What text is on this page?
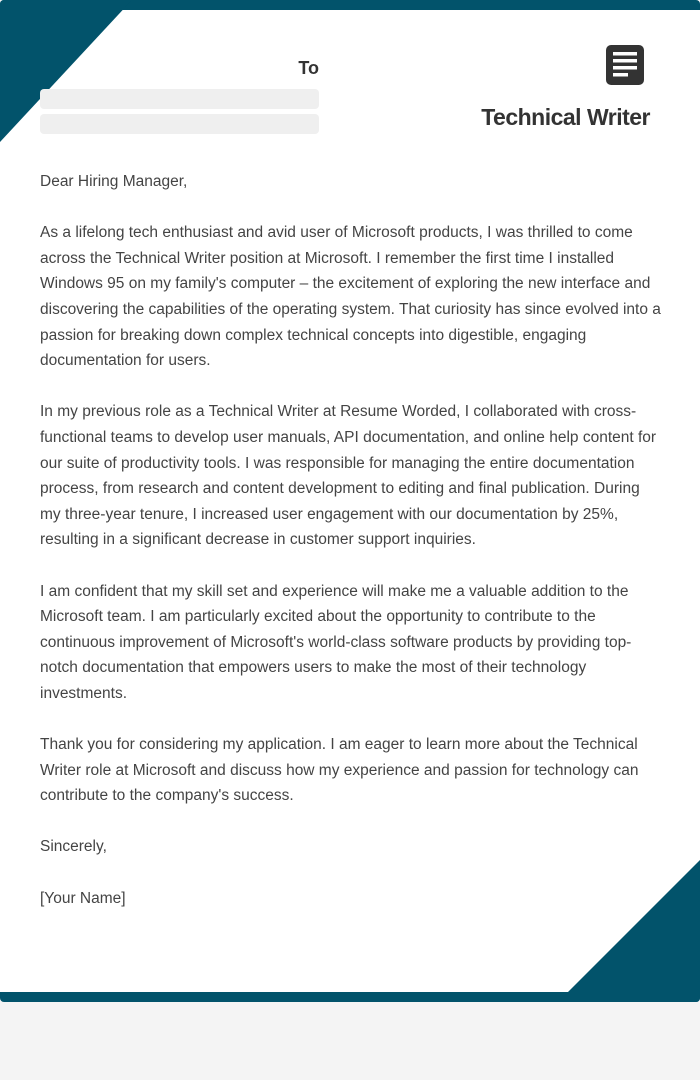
To
Technical Writer

Dear Hiring Manager,

As a lifelong tech enthusiast and avid user of Microsoft products, I was thrilled to come across the Technical Writer position at Microsoft. I remember the first time I installed Windows 95 on my family's computer – the excitement of exploring the new interface and discovering the capabilities of the operating system. That curiosity has since evolved into a passion for breaking down complex technical concepts into digestible, engaging documentation for users.

In my previous role as a Technical Writer at Resume Worded, I collaborated with cross-functional teams to develop user manuals, API documentation, and online help content for our suite of productivity tools. I was responsible for managing the entire documentation process, from research and content development to editing and final publication. During my three-year tenure, I increased user engagement with our documentation by 25%, resulting in a significant decrease in customer support inquiries.

I am confident that my skill set and experience will make me a valuable addition to the Microsoft team. I am particularly excited about the opportunity to contribute to the continuous improvement of Microsoft's world-class software products by providing top-notch documentation that empowers users to make the most of their technology investments.

Thank you for considering my application. I am eager to learn more about the Technical Writer role at Microsoft and discuss how my experience and passion for technology can contribute to the company's success.

Sincerely,

[Your Name]
